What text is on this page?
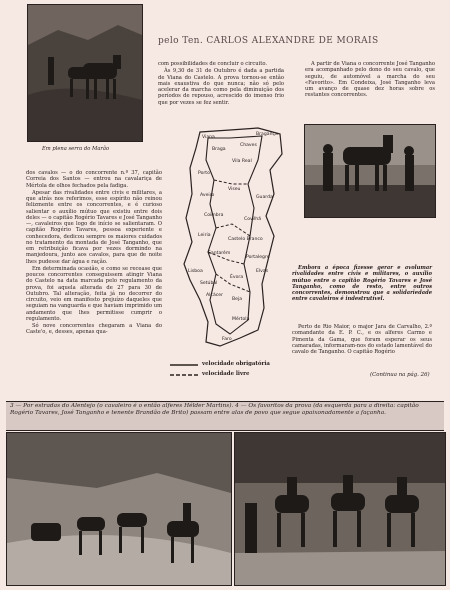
Em plena serra do Marão
pelo Ten. CARLOS ALEXANDRE DE MORAIS

com possibilidades de concluir o circuito.

Às 9,30 de 31 de Outubro é dada a partida de Viana do Castelo. A prova tornou-se então mais exaustiva do que nunca; não só pelo acelerar da marcha como pela diminuição dos períodos de repouso, acrescido do imenso frio que por vezes se fez sentir.

A partir de Viana o concorrente José Tanganho era acompanhado pelo dono do seu cavalo, que seguiu, de automóvel a marcha do seu «Favorito». Em Condeixa, José Tanganho leva um avanço de quase dez horas sobre os restantes concorrentes.

dos cavalos — o do concorrente n.º 37, capitão Correia dos Santos — entrou na cavalariça de Mértola de olhos fechados pela fadiga.

Apesar das rivalidades entre civis e militares, a que atrás nos referimos, esse espírito não reinou felizmente entre os concorrentes, e é curioso salientar o auxílio mútuo que existiu entre dois deles — o capitão Rogério Tavares e José Tanganho —, cavaleiros que logo de início se salientaram. O capitão Rogério Tavares, pessoa experiente e conhecedora, dedicou sempre os maiores cuidados no tratamento da montada de José Tanganho, que em retribuição ficava por vezes dormindo na manjedoura, junto aos cavalos, para que de noite lhes pudesse dar água e ração.

Em determinada ocasião, e como se recease que poucos concorrentes conseguissem atingir Viana do Castelo na data marcada pelo regulamento da prova, foi aquela alterada de 27 para 30 de Outubro. Tal alteração, feita já no decorrer do circuito, veio em manifesto prejuízo daqueles que seguiam na vanguarda e que haviam imprimido um andamento que lhes permitisse cumprir o regulamento.

Só nove concorrentes chegaram a Viana do Caste'o, e, desses, apenas qua-

Bragança
Viana
Braga
Chaves
Vila Real
Porto
Aveiro
Viseu
Guarda
Coimbra
Covilhã
Leiria
Castelo Branco
Santarém
Portalegre
Lisboa
Setúbal
Évora
Elvas
Alcácer
Beja
Mértola
Faro
velocidade obrigatória
velocidade livre

Embora a época fizesse gerar e avolumar rivalidades entre civis e militares, o auxílio mútuo entre o capitão Rogério Tavares e José Tanganho, como de resto, entre outros concorrentes, demonstrou que a solidariedade entre cavaleiros é indestrutível.

Perto de Rio Maior, o major Jara de Carvalho, 2.º comandante da E. P. C., e os alferes Carmo e Pimenta da Gama, que foram esperar os seus camaradas, informaram-nos do estado lamentável do cavalo de Tanganho. O capitão Rogério

(Continua na pág. 26)
3 — Por estradas do Alentejo (o cavaleiro é o então alferes Hélder Martins). 4 — Os favoritos da prova (da esquerda para a direita: capitão Rogério Tavares, José Tanganho e tenente Brandão de Brito) passam entre alas de povo que segue apaixonadamente a façanha.
